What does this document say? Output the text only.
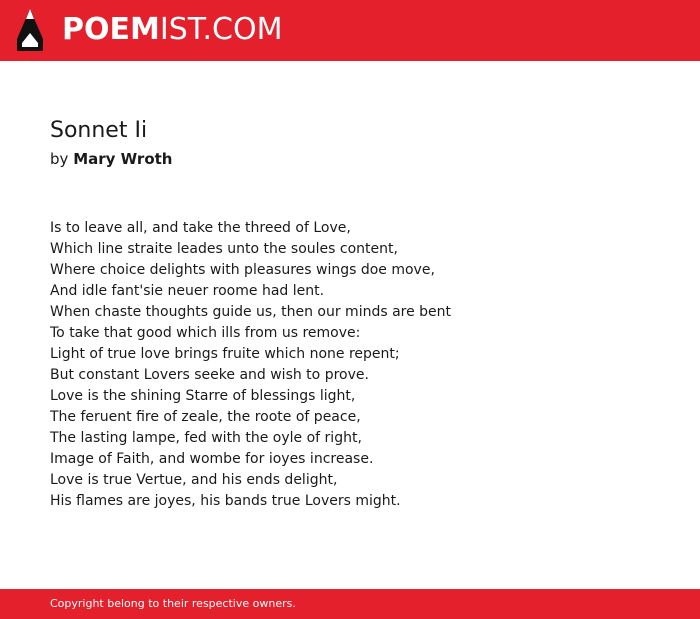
POEMIST.COM
Sonnet Ii
by Mary Wroth
Is to leave all, and take the threed of Love,
Which line straite leades unto the soules content,
Where choice delights with pleasures wings doe move,
And idle fant'sie neuer roome had lent.
When chaste thoughts guide us, then our minds are bent
To take that good which ills from us remove:
Light of true love brings fruite which none repent;
But constant Lovers seeke and wish to prove.
Love is the shining Starre of blessings light,
The feruent fire of zeale, the roote of peace,
The lasting lampe, fed with the oyle of right,
Image of Faith, and wombe for ioyes increase.
Love is true Vertue, and his ends delight,
His flames are joyes, his bands true Lovers might.
Copyright belong to their respective owners.
